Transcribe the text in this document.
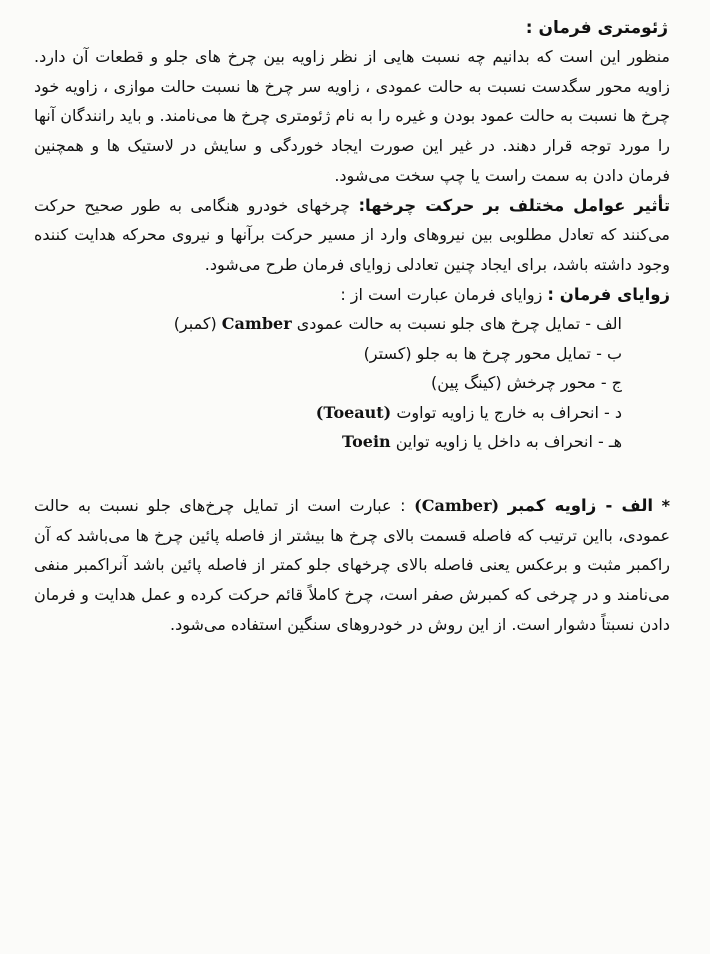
ژئومتری فرمان :

منظور این است که بدانیم چه نسبت هایی از نظر زاویه بین چرخ های جلو و قطعات آن دارد. زاویه محور سگدست نسبت به حالت عمودی ، زاویه سر چرخ ها نسبت حالت موازی ، زاویه خود چرخ ها نسبت به حالت عمود بودن و غیره را به نام ژئومتری چرخ ها می‌نامند. و باید رانندگان آنها را مورد توجه قرار دهند. در غیر این صورت ایجاد خوردگی و سایش در لاستیک ها و همچنین فرمان دادن به سمت راست یا چپ سخت می‌شود.

تأثیر عوامل مختلف بر حرکت چرخها: چرخهای خودرو هنگامی به طور صحیح حرکت می‌کنند که تعادل مطلوبی بین نیروهای وارد از مسیر حرکت برآنها و نیروی محرکه هدایت کننده وجود داشته باشد، برای ایجاد چنین تعادلی زوایای فرمان طرح می‌شود.

زوایای فرمان : زوایای فرمان عبارت است از :

الف - تمایل چرخ های جلو نسبت به حالت عمودی Camber (کمبر)
ب - تمایل محور چرخ ها به جلو (کستر)
ج - محور چرخش (کینگ پین)
د - انحراف به خارج یا زاویه تواوت (Toeaut)
هـ - انحراف به داخل یا زاویه تواین Toein

* الف - زاویه کمبر (Camber) : عبارت است از تمایل چرخ‌های جلو نسبت به حالت عمودی، بااین ترتیب که فاصله قسمت بالای چرخ ها بیشتر از فاصله پائین چرخ ها می‌باشد که آن راکمبر مثبت و برعکس یعنی فاصله بالای چرخهای جلو کمتر از فاصله پائین باشد آنراکمبر منفی می‌نامند و در چرخی که کمبرش صفر است، چرخ کاملاً قائم حرکت کرده و عمل هدایت و فرمان دادن نسبتاً دشوار است. از این روش در خودروهای سنگین استفاده می‌شود.
